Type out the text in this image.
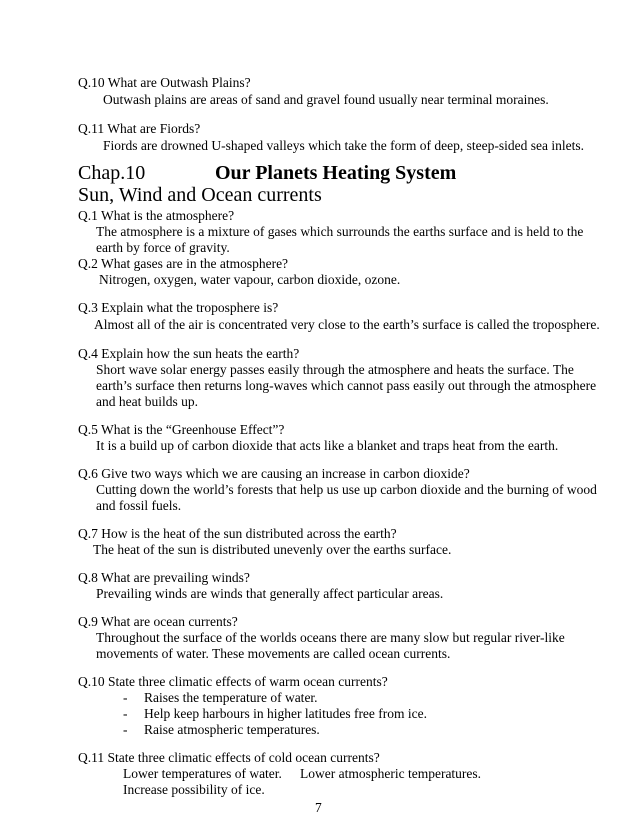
Q.10 What are Outwash Plains?
Outwash plains are areas of sand and gravel found usually near terminal moraines.
Q.11 What are Fiords?
Fiords are drowned U-shaped valleys which take the form of deep, steep-sided sea inlets.
Chap.10	Our Planets Heating System
Sun, Wind and Ocean currents
Q.1 What is the atmosphere?
The atmosphere is a mixture of gases which surrounds the earths surface and is held to the
earth by force of gravity.
Q.2 What gases are in the atmosphere?
Nitrogen, oxygen, water vapour, carbon dioxide, ozone.
Q.3 Explain what the troposphere is?
Almost all of the air is concentrated very close to the earth’s surface is called the troposphere.
Q.4 Explain how the sun heats the earth?
Short wave solar energy passes easily through the atmosphere and heats the surface. The
earth’s surface then returns long-waves which cannot pass easily out through the atmosphere
and heat builds up.
Q.5 What is the “Greenhouse Effect”?
It is a build up of carbon dioxide that acts like a blanket and traps heat from the earth.
Q.6 Give two ways which we are causing an increase in carbon dioxide?
Cutting down the world’s forests that help us use up carbon dioxide and the burning of wood
and fossil fuels.
Q.7 How is the heat of the sun distributed across the earth?
The heat of the sun is distributed unevenly over the earths surface.
Q.8 What are prevailing winds?
Prevailing winds are winds that generally affect particular areas.
Q.9 What are ocean currents?
Throughout the surface of the worlds oceans there are many slow but regular river-like
movements of water. These movements are called ocean currents.
Q.10 State three climatic effects of warm ocean currents?
- Raises the temperature of water.
- Help keep harbours in higher latitudes free from ice.
- Raise atmospheric temperatures.
Q.11 State three climatic effects of cold ocean currents?
Lower temperatures of water. Lower atmospheric temperatures.
Increase possibility of ice.
7
